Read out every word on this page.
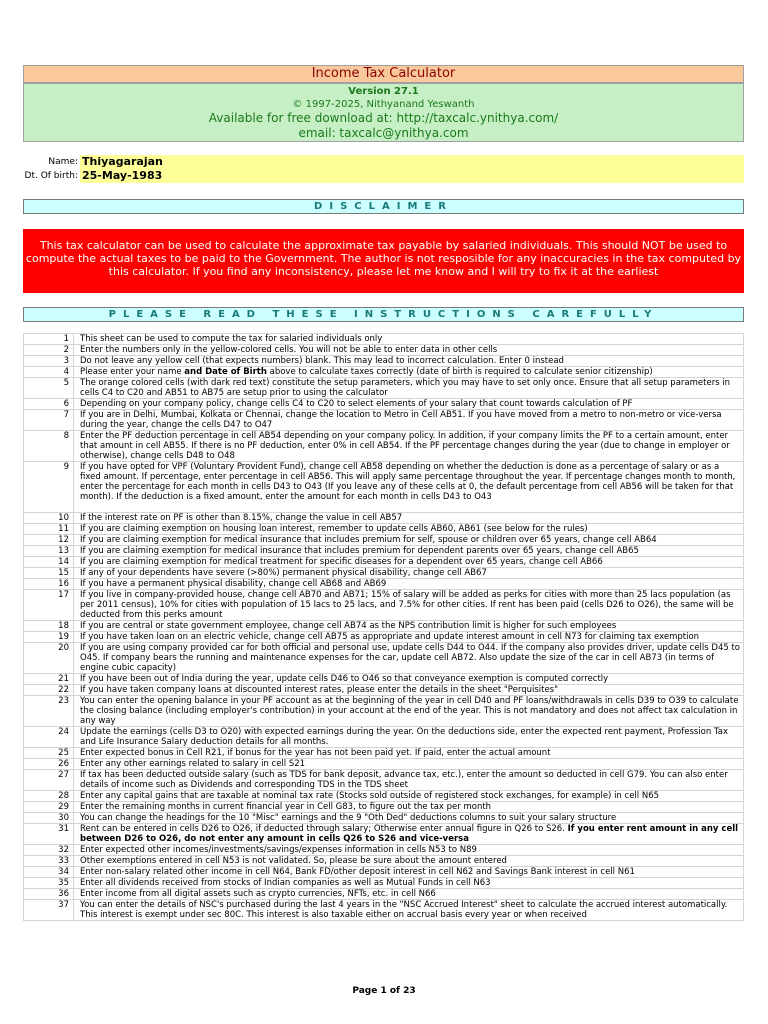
Income Tax Calculator
Version 27.1
© 1997-2025, Nithyanand Yeswanth
Available for free download at: http://taxcalc.ynithya.com/
email: taxcalc@ynithya.com
Name: Thiyagarajan
Dt. Of birth: 25-May-1983
DISCLAIMER
This tax calculator can be used to calculate the approximate tax payable by salaried individuals. This should NOT be used to compute the actual taxes to be paid to the Government. The author is not resposible for any inaccuracies in the tax computed by this calculator. If you find any inconsistency, please let me know and I will try to fix it at the earliest
PLEASE READ THESE INSTRUCTIONS CAREFULLY
1	This sheet can be used to compute the tax for salaried individuals only
2	Enter the numbers only in the yellow-colored cells. You will not be able to enter data in other cells
3	Do not leave any yellow cell (that expects numbers) blank. This may lead to incorrect calculation. Enter 0 instead
4	Please enter your name and Date of Birth above to calculate taxes correctly (date of birth is required to calculate senior citizenship)
5	The orange colored cells (with dark red text) constitute the setup parameters, which you may have to set only once. Ensure that all setup parameters in cells C4 to C20 and AB51 to AB75 are setup prior to using the calculator
6	Depending on your company policy, change cells C4 to C20 to select elements of your salary that count towards calculation of PF
7	If you are in Delhi, Mumbai, Kolkata or Chennai, change the location to Metro in Cell AB51. If you have moved from a metro to non-metro or vice-versa during the year, change the cells D47 to O47
8	Enter the PF deduction percentage in cell AB54 depending on your company policy. In addition, if your company limits the PF to a certain amount, enter that amount in cell AB55. If there is no PF deduction, enter 0% in cell AB54. If the PF percentage changes during the year (due to change in employer or otherwise), change cells D48 to O48
9	If you have opted for VPF (Voluntary Provident Fund), change cell AB58 depending on whether the deduction is done as a percentage of salary or as a fixed amount. If percentage, enter percentage in cell AB56. This will apply same percentage throughout the year. If percentage changes month to month, enter the percentage for each month in cells D43 to O43 (If you leave any of these cells at 0, the default percentage from cell AB56 will be taken for that month). If the deduction is a fixed amount, enter the amount for each month in cells D43 to O43
10	If the interest rate on PF is other than 8.15%, change the value in cell AB57
11	If you are claiming exemption on housing loan interest, remember to update cells AB60, AB61 (see below for the rules)
12	If you are claiming exemption for medical insurance that includes premium for self, spouse or children over 65 years, change cell AB64
13	If you are claiming exemption for medical insurance that includes premium for dependent parents over 65 years, change cell AB65
14	If you are claiming exemption for medical treatment for specific diseases for a dependent over 65 years, change cell AB66
15	If any of your dependents have severe (>80%) permanent physical disability, change cell AB67
16	If you have a permanent physical disability, change cell AB68 and AB69
17	If you live in company-provided house, change cell AB70 and AB71; 15% of salary will be added as perks for cities with more than 25 lacs population (as per 2011 census), 10% for cities with population of 15 lacs to 25 lacs, and 7.5% for other cities. If rent has been paid (cells D26 to O26), the same will be deducted from this perks amount
18	If you are central or state government employee, change cell AB74 as the NPS contribution limit is higher for such employees
19	If you have taken loan on an electric vehicle, change cell AB75 as appropriate and update interest amount in cell N73 for claiming tax exemption
20	If you are using company provided car for both official and personal use, update cells D44 to O44. If the company also provides driver, update cells D45 to O45. If company bears the running and maintenance expenses for the car, update cell AB72. Also update the size of the car in cell AB73 (in terms of engine cubic capacity)
21	If you have been out of India during the year, update cells D46 to O46 so that conveyance exemption is computed correctly
22	If you have taken company loans at discounted interest rates, please enter the details in the sheet "Perquisites"
23	You can enter the opening balance in your PF account as at the beginning of the year in cell D40 and PF loans/withdrawals in cells D39 to O39 to calculate the closing balance (including employer's contribution) in your account at the end of the year. This is not mandatory and does not affect tax calculation in any way
24	Update the earnings (cells D3 to O20) with expected earnings during the year. On the deductions side, enter the expected rent payment, Profession Tax and Life Insurance Salary deduction details for all months.
25	Enter expected bonus in Cell R21, if bonus for the year has not been paid yet. If paid, enter the actual amount
26	Enter any other earnings related to salary in cell S21
27	If tax has been deducted outside salary (such as TDS for bank deposit, advance tax, etc.), enter the amount so deducted in cell G79. You can also enter details of income such as Dividends and corresponding TDS in the TDS sheet
28	Enter any capital gains that are taxable at nominal tax rate (Stocks sold outside of registered stock exchanges, for example) in cell N65
29	Enter the remaining months in current financial year in Cell G83, to figure out the tax per month
30	You can change the headings for the 10 "Misc" earnings and the 9 "Oth Ded" deductions columns to suit your salary structure
31	Rent can be entered in cells D26 to O26, if deducted through salary; Otherwise enter annual figure in Q26 to S26. If you enter rent amount in any cell between D26 to O26, do not enter any amount in cells Q26 to S26 and vice-versa
32	Enter expected other incomes/investments/savings/expenses information in cells N53 to N89
33	Other exemptions entered in cell N53 is not validated. So, please be sure about the amount entered
34	Enter non-salary related other income in cell N64, Bank FD/other deposit interest in cell N62 and Savings Bank interest in cell N61
35	Enter all dividends received from stocks of Indian companies as well as Mutual Funds in cell N63
36	Enter income from all digital assets such as crypto currencies, NFTs, etc. in cell N66
37	You can enter the details of NSC's purchased during the last 4 years in the "NSC Accrued Interest" sheet to calculate the accrued interest automatically. This interest is exempt under sec 80C. This interest is also taxable either on accrual basis every year or when received
Page 1 of 23
